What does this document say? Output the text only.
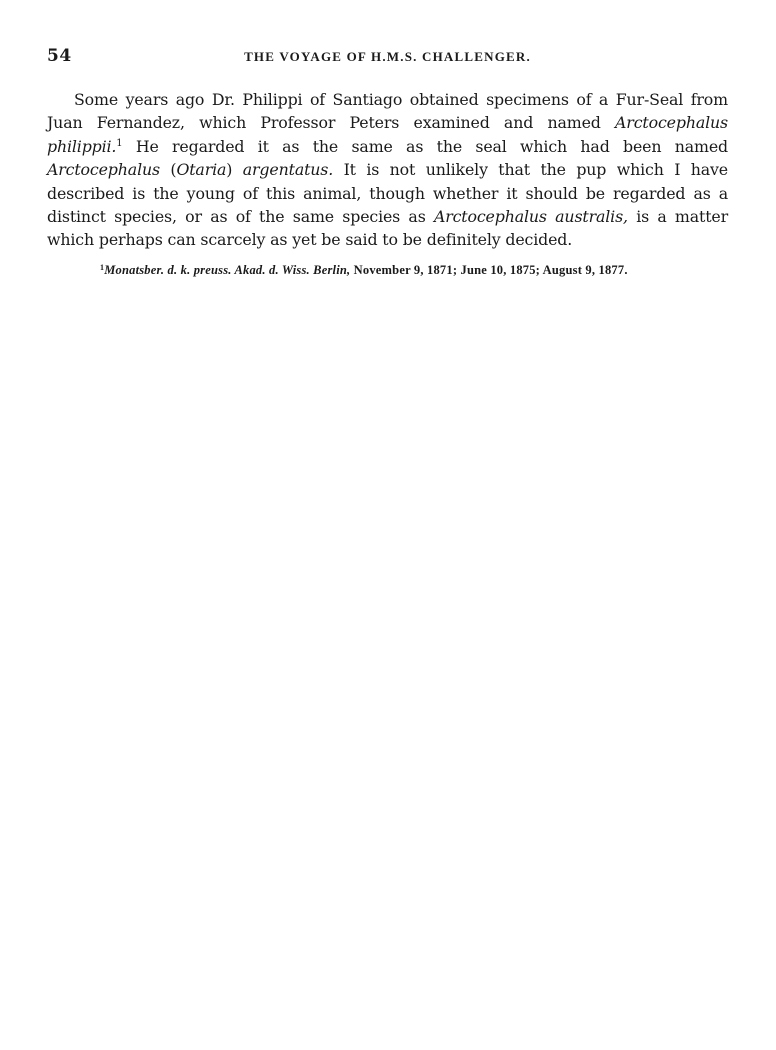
54	THE VOYAGE OF H.M.S. CHALLENGER.

Some years ago Dr. Philippi of Santiago obtained specimens of a Fur-Seal from Juan Fernandez, which Professor Peters examined and named Arctocephalus philippii.$^1$ He regarded it as the same as the seal which had been named Arctocephalus (Otaria) argentatus. It is not unlikely that the pup which I have described is the young of this animal, though whether it should be regarded as a distinct species, or as of the same species as Arctocephalus australis, is a matter which perhaps can scarcely as yet be said to be definitely decided.

$^1$Monatsber. d. k. preuss. Akad. d. Wiss. Berlin, November 9, 1871; June 10, 1875; August 9, 1877.
